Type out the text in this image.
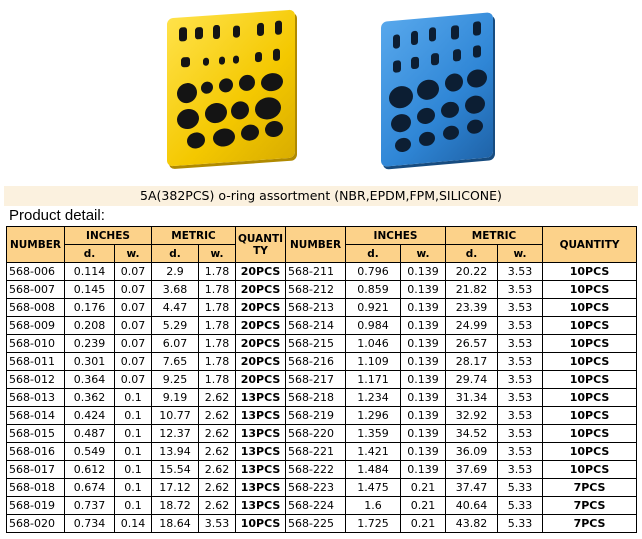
5A(382PCS) o-ring assortment (NBR,EPDM,FPM,SILICONE)
Product detail:
NUMBER	INCHES		METRIC		QUANTI TY	NUMBER	INCHES		METRIC		QUANTITY
	d.	w.	d.	w.			d.	w.	d.	w.	
568-006	0.114	0.07	2.9	1.78	20PCS	568-211	0.796	0.139	20.22	3.53	10PCS
568-007	0.145	0.07	3.68	1.78	20PCS	568-212	0.859	0.139	21.82	3.53	10PCS
568-008	0.176	0.07	4.47	1.78	20PCS	568-213	0.921	0.139	23.39	3.53	10PCS
568-009	0.208	0.07	5.29	1.78	20PCS	568-214	0.984	0.139	24.99	3.53	10PCS
568-010	0.239	0.07	6.07	1.78	20PCS	568-215	1.046	0.139	26.57	3.53	10PCS
568-011	0.301	0.07	7.65	1.78	20PCS	568-216	1.109	0.139	28.17	3.53	10PCS
568-012	0.364	0.07	9.25	1.78	20PCS	568-217	1.171	0.139	29.74	3.53	10PCS
568-013	0.362	0.1	9.19	2.62	13PCS	568-218	1.234	0.139	31.34	3.53	10PCS
568-014	0.424	0.1	10.77	2.62	13PCS	568-219	1.296	0.139	32.92	3.53	10PCS
568-015	0.487	0.1	12.37	2.62	13PCS	568-220	1.359	0.139	34.52	3.53	10PCS
568-016	0.549	0.1	13.94	2.62	13PCS	568-221	1.421	0.139	36.09	3.53	10PCS
568-017	0.612	0.1	15.54	2.62	13PCS	568-222	1.484	0.139	37.69	3.53	10PCS
568-018	0.674	0.1	17.12	2.62	13PCS	568-223	1.475	0.21	37.47	5.33	7PCS
568-019	0.737	0.1	18.72	2.62	13PCS	568-224	1.6	0.21	40.64	5.33	7PCS
568-020	0.734	0.14	18.64	3.53	10PCS	568-225	1.725	0.21	43.82	5.33	7PCS
